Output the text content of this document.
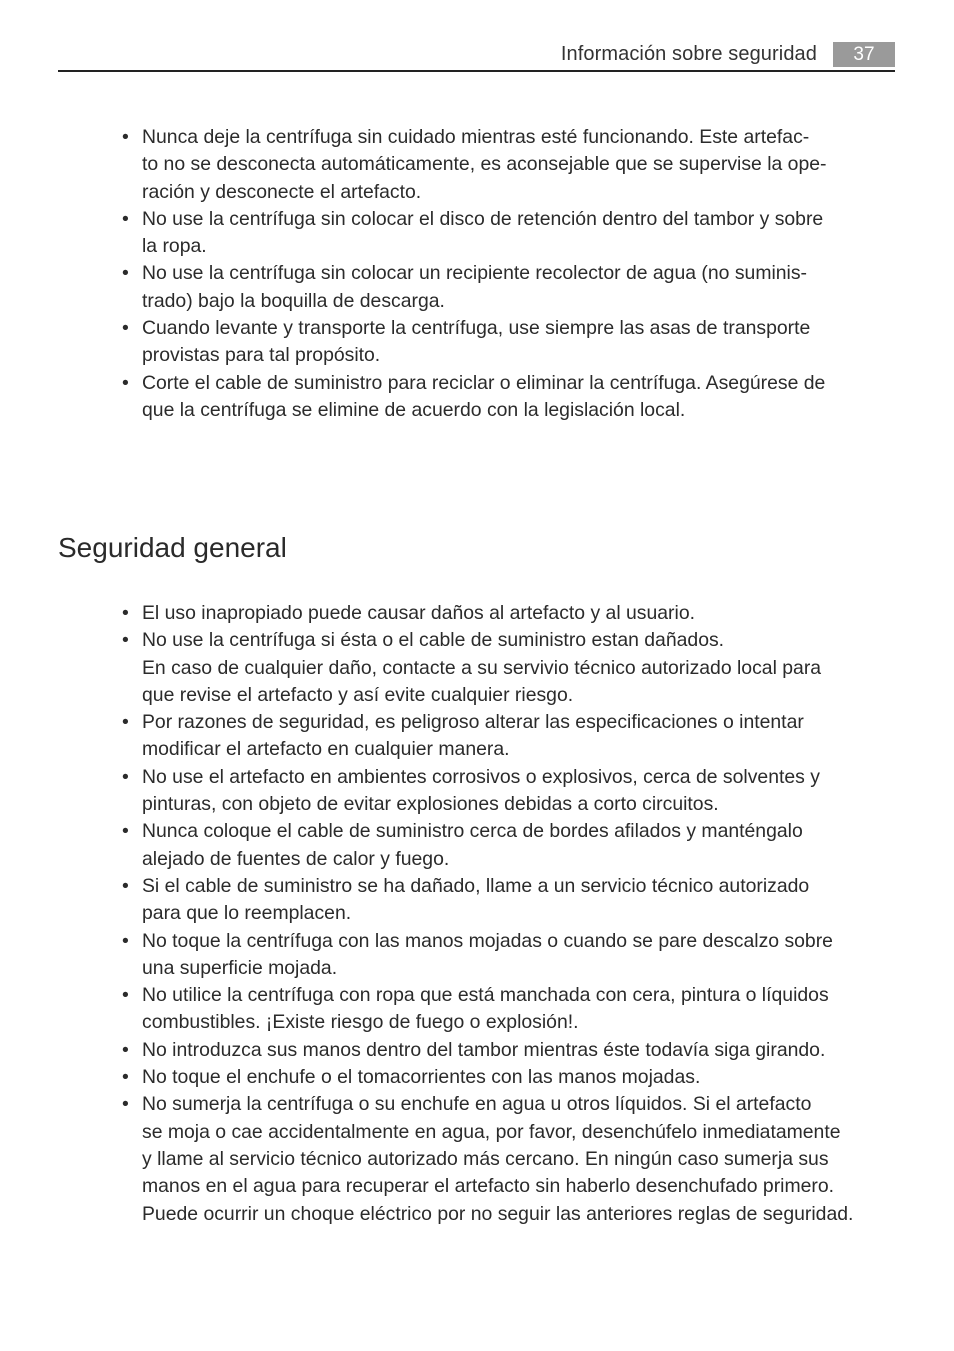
Información sobre seguridad	37
• Nunca deje la centrífuga sin cuidado mientras esté funcionando. Este artefac-
to no se desconecta automáticamente, es aconsejable que se supervise la ope-
ración y desconecte el artefacto.
• No use la centrífuga sin colocar el disco de retención dentro del tambor y sobre
la ropa.
• No use la centrífuga sin colocar un recipiente recolector de agua (no suminis-
trado) bajo la boquilla de descarga.
• Cuando levante y transporte la centrífuga, use siempre las asas de transporte
provistas para tal propósito.
• Corte el cable de suministro para reciclar o eliminar la centrífuga. Asegúrese de
que la centrífuga se elimine de acuerdo con la legislación local.
Seguridad general
• El uso inapropiado puede causar daños al artefacto y al usuario.
• No use la centrífuga si ésta o el cable de suministro estan dañados.
En caso de cualquier daño, contacte a su servivio técnico autorizado local para
que revise el artefacto y así evite cualquier riesgo.
• Por razones de seguridad, es peligroso alterar las especificaciones o intentar
modificar el artefacto en cualquier manera.
• No use el artefacto en ambientes corrosivos o explosivos, cerca de solventes y
pinturas, con objeto de evitar explosiones debidas a corto circuitos.
• Nunca coloque el cable de suministro cerca de bordes afilados y manténgalo
alejado de fuentes de calor y fuego.
• Si el cable de suministro se ha dañado, llame a un servicio técnico autorizado
para que lo reemplacen.
• No toque la centrífuga con las manos mojadas o cuando se pare descalzo sobre
una superficie mojada.
• No utilice la centrífuga con ropa que está manchada con cera, pintura o líquidos
combustibles. ¡Existe riesgo de fuego o explosión!.
• No introduzca sus manos dentro del tambor mientras éste todavía siga girando.
• No toque el enchufe o el tomacorrientes con las manos mojadas.
• No sumerja la centrífuga o su enchufe en agua u otros líquidos. Si el artefacto
se moja o cae accidentalmente en agua, por favor, desenchúfelo inmediatamente
y llame al servicio técnico autorizado más cercano. En ningún caso sumerja sus
manos en el agua para recuperar el artefacto sin haberlo desenchufado primero.
Puede ocurrir un choque eléctrico por no seguir las anteriores reglas de seguridad.
